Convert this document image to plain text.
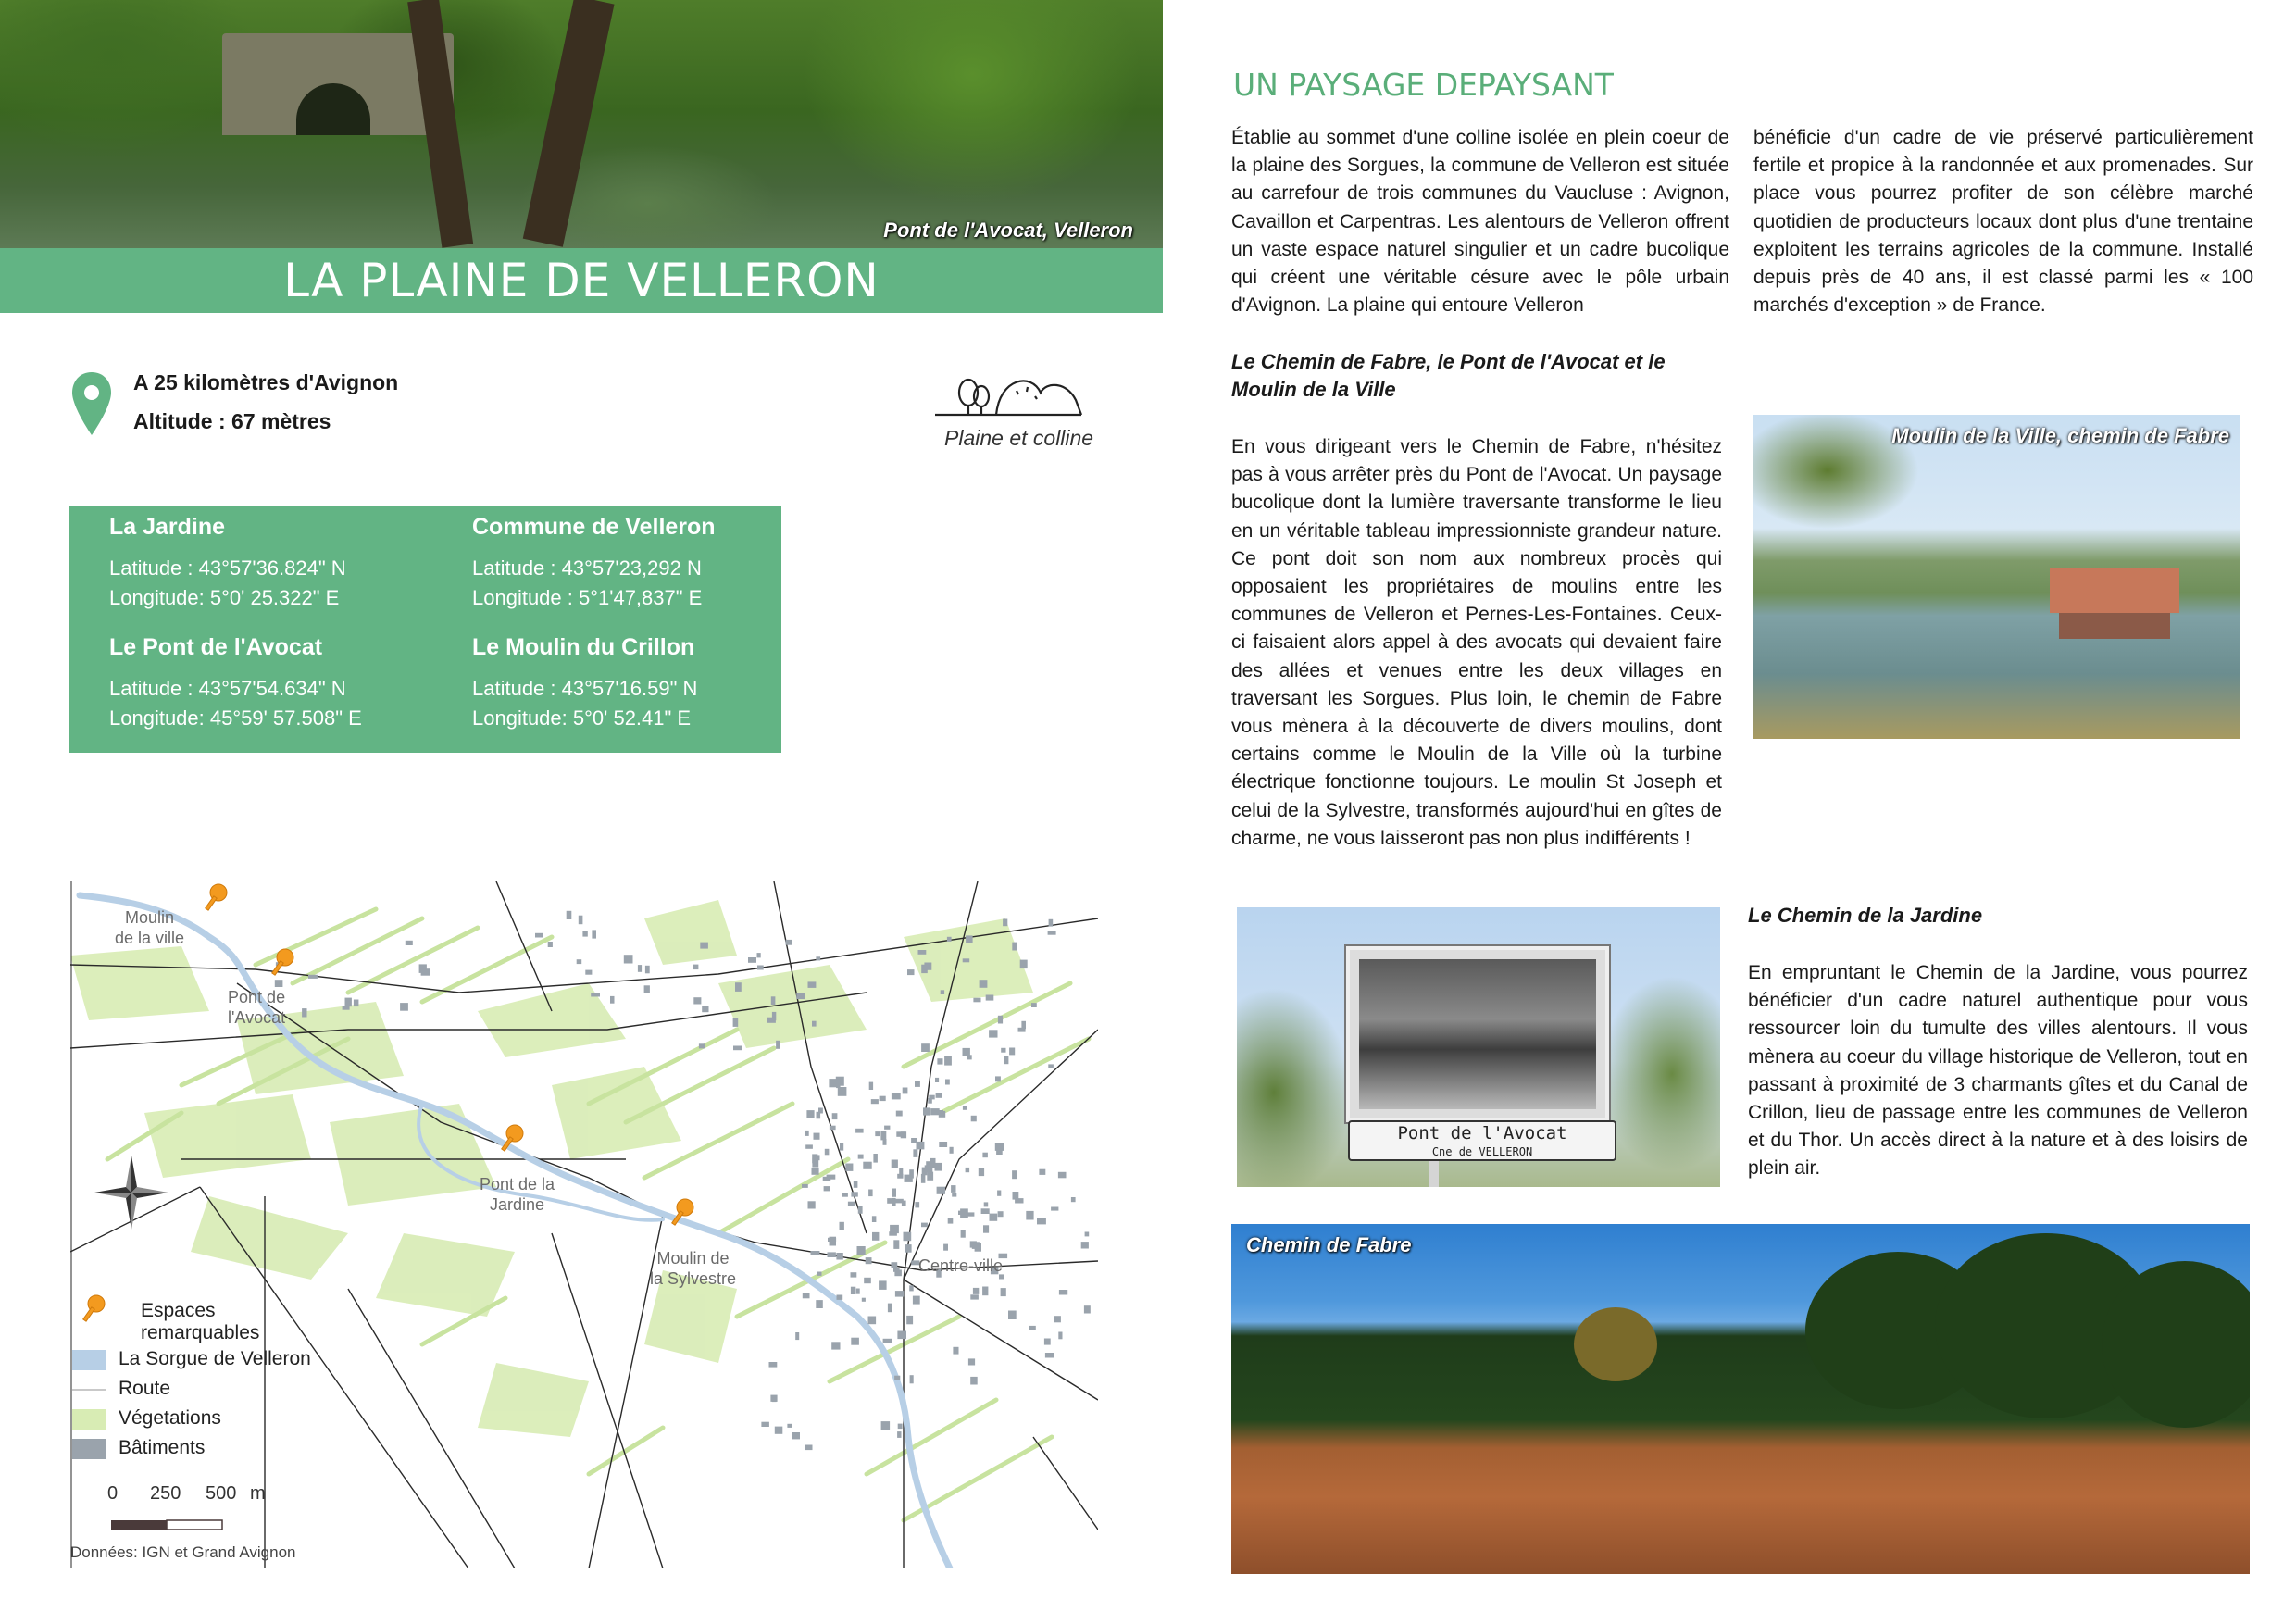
Pont de l'Avocat, Velleron
LA PLAINE DE VELLERON
A 25 kilomètres d'Avignon
Altitude : 67 mètres
Plaine et colline
La Jardine
Latitude : 43°57'36.824" N
Longitude: 5°0' 25.322" E
Commune de Velleron
Latitude : 43°57'23,292 N
Longitude : 5°1'47,837" E
Le Pont de l'Avocat
Latitude : 43°57'54.634" N
Longitude: 45°59' 57.508" E
Le Moulin du Crillon
Latitude : 43°57'16.59" N
Longitude: 5°0' 52.41" E
Moulin
de la ville
Pont de
l'Avocat
Pont de la
Jardine
Moulin de
la Sylvestre
Centre-ville
Espaces
remarquables
La Sorgue de Velleron
Route
Végetations
Bâtiments
0 250 500 m
Données: IGN et Grand Avignon
UN PAYSAGE DEPAYSANT
Établie au sommet d'une colline isolée en plein coeur de la plaine des Sorgues, la commune de Velleron est située au carrefour de trois communes du Vaucluse : Avignon, Cavaillon et Carpentras. Les alentours de Velleron offrent un vaste espace naturel singulier et un cadre bucolique qui créent une véritable césure avec le pôle urbain d'Avignon. La plaine qui entoure Velleron
bénéficie d'un cadre de vie préservé particulièrement fertile et propice à la randonnée et aux promenades. Sur place vous pourrez profiter de son célèbre marché quotidien de producteurs locaux dont plus d'une trentaine exploitent les terrains agricoles de la commune. Installé depuis près de 40 ans, il est classé parmi les « 100 marchés d'exception » de France.
Le Chemin de Fabre, le Pont de l'Avocat et le Moulin de la Ville
En vous dirigeant vers le Chemin de Fabre, n'hésitez pas à vous arrêter près du Pont de l'Avocat. Un paysage bucolique dont la lumière traversante transforme le lieu en un véritable tableau impressionniste grandeur nature. Ce pont doit son nom aux nombreux procès qui opposaient les propriétaires de moulins entre les communes de Velleron et Pernes-Les-Fontaines. Ceux-ci faisaient alors appel à des avocats qui devaient faire des allées et venues entre les deux villages en traversant les Sorgues. Plus loin, le chemin de Fabre vous mènera à la découverte de divers moulins, dont certains comme le Moulin de la Ville où la turbine électrique fonctionne toujours. Le moulin St Joseph et celui de la Sylvestre, transformés aujourd'hui en gîtes de charme, ne vous laisseront pas non plus indifférents !
Moulin de la Ville, chemin de Fabre
Pont de l'Avocat
Cne de VELLERON
Le Chemin de la Jardine
En empruntant le Chemin de la Jardine, vous pourrez bénéficier d'un cadre naturel authentique pour vous ressourcer loin du tumulte des villes alentours. Il vous mènera au coeur du village historique de Velleron, tout en passant à proximité de 3 charmants gîtes et du Canal de Crillon, lieu de passage entre les communes de Velleron et du Thor. Un accès direct à la nature et à des loisirs de plein air.
Chemin de Fabre
